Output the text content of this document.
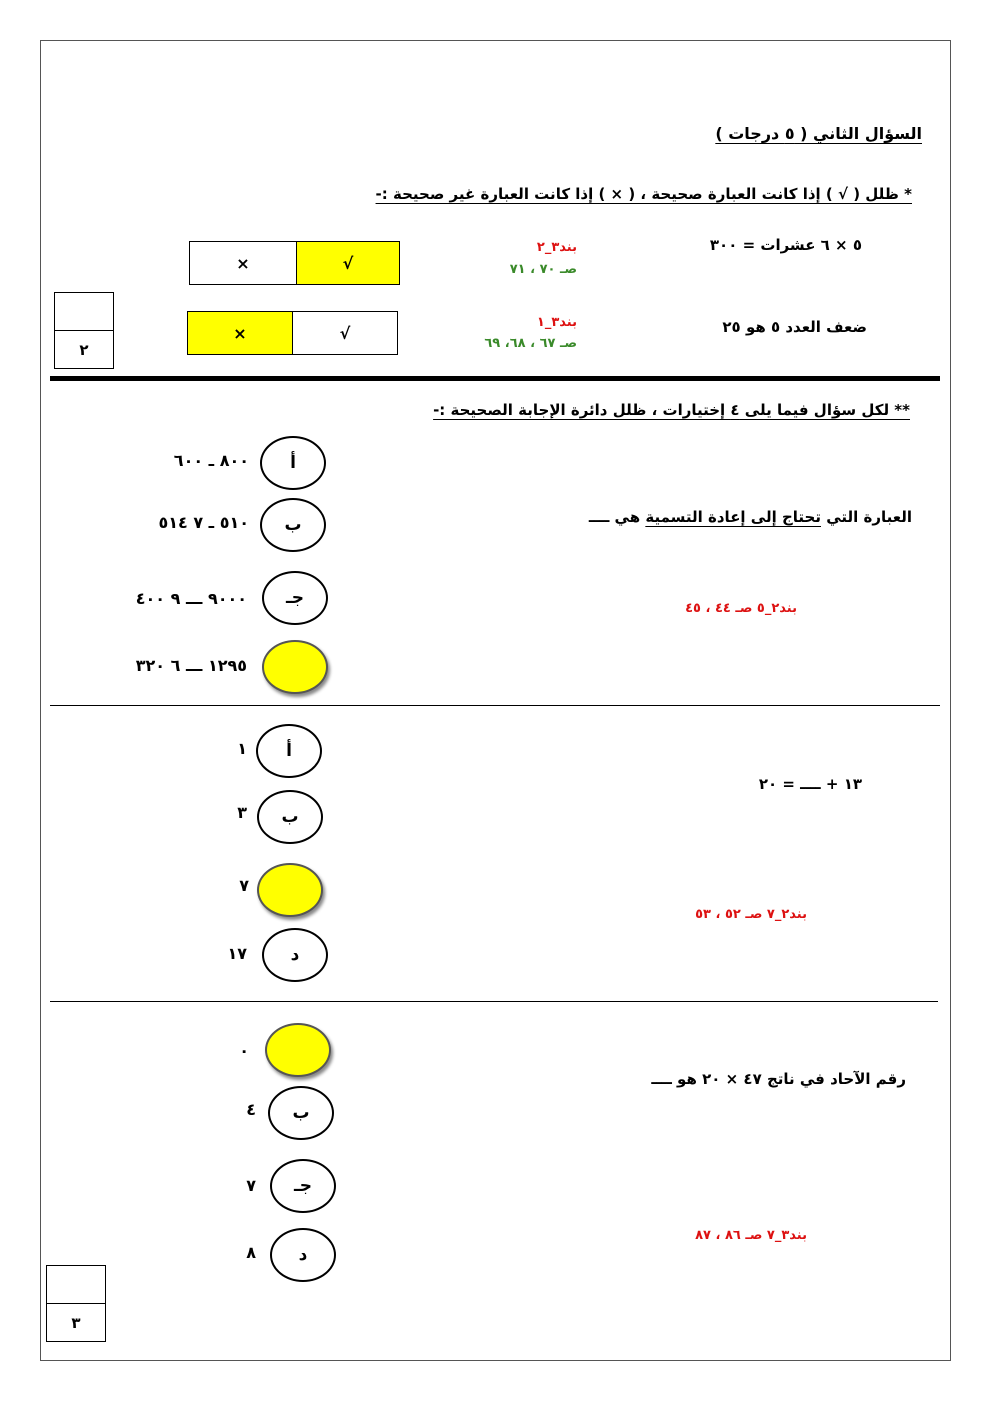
السؤال الثاني ( ٥ درجات )
* ظلل ( √ ) إذا كانت العبارة صحيحة ، ( × ) إذا كانت العبارة غير صحيحة :-
٥ × ٦ عشرات = ٣٠٠
بند٣_٢
صـ ٧٠ ، ٧١
√
×
ضعف العدد ٥ هو ٢٥
بند٣_١
صـ ٦٧ ، ٦٨، ٦٩
√
×
٢
** لكل سؤال فيما يلى ٤ إختيارات ، ظلل دائرة الإجابة الصحيحة :-
العبارة التي تحتاج إلى إعادة التسمية هي ــــ
بند٢_٥ صـ ٤٤ ، ٤٥
أ
٨٠٠ ـ ٦٠٠
ب
٥١٠ ـ ٧ ٥١٤
جـ
٩٠٠٠ ـــ ٩ ٤٠٠
١٢٩٥ ـــ ٦ ٣٢٠
١٣ + ــــ = ٢٠
بند٢_٧ صـ ٥٢ ، ٥٣
أ
١
ب
٣
٧
د
١٧
رقم الآحاد في ناتج ٤٧ × ٢٠ هو ــــ
بند٣_٧ صـ ٨٦ ، ٨٧
٠
ب
٤
جـ
٧
د
٨
٣
